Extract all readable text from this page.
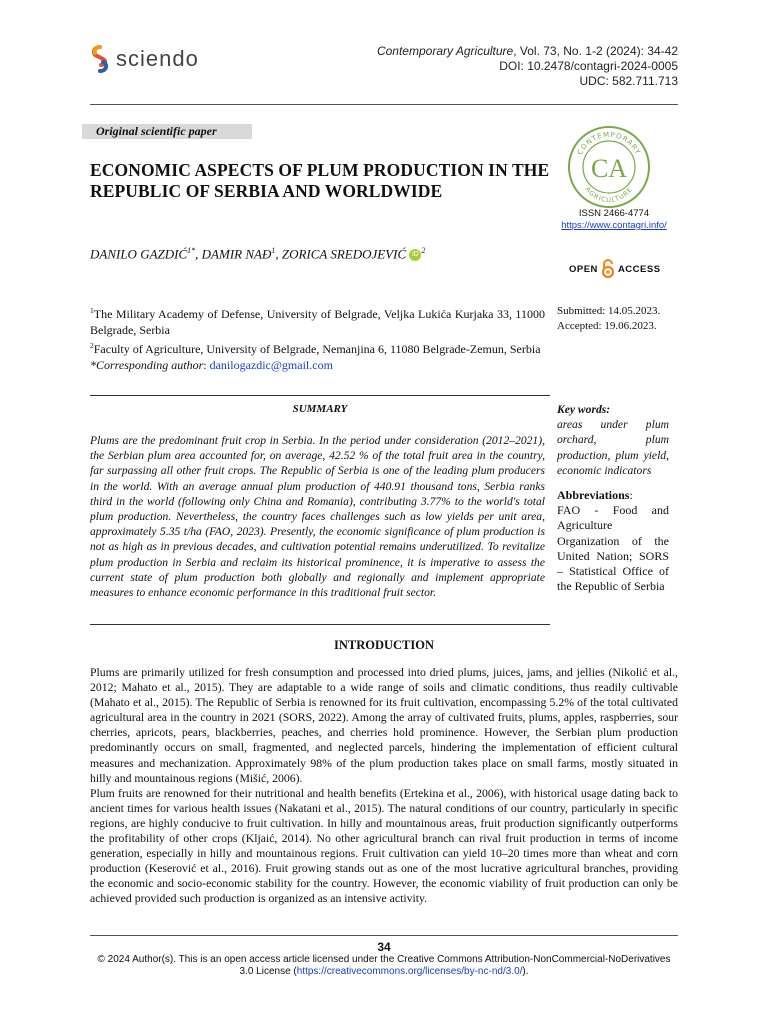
sciendo	Contemporary Agriculture, Vol. 73, No. 1-2 (2024): 34-42
DOI: 10.2478/contagri-2024-0005
UDC: 582.711.713
Original scientific paper
ECONOMIC ASPECTS OF PLUM PRODUCTION IN THE REPUBLIC OF SERBIA AND WORLDWIDE
CONTEMPORARY
AGRICULTURE
CA
ISSN 2466-4774
https://www.contagri.info/
OPEN ACCESS
DANILO $GAZDIĆ^{1*}$, DAMIR NAĐ$^1$, ZORICA SREDOJEVIĆ iD $^2$
$^1$The Military Academy of Defense, University of Belgrade, Veljka Lukića Kurjaka 33, 11000 Belgrade, Serbia
$^2$Faculty of Agriculture, University of Belgrade, Nemanjina 6, 11080 Belgrade-Zemun, Serbia
*Corresponding author: danilogazdic@gmail.com
Submitted: 14.05.2023.
Accepted: 19.06.2023.
SUMMARY
Plums are the predominant fruit crop in Serbia. In the period under consideration (2012–2021), the Serbian plum area accounted for, on average, 42.52 % of the total fruit area in the country, far surpassing all other fruit crops. The Republic of Serbia is one of the leading plum producers in the world. With an average annual plum production of 440.91 thousand tons, Serbia ranks third in the world (following only China and Romania), contributing 3.77% to the world's total plum production. Nevertheless, the country faces challenges such as low yields per unit area, approximately 5.35 t/ha (FAO, 2023). Presently, the economic significance of plum production is not as high as in previous decades, and cultivation potential remains underutilized. To revitalize plum production in Serbia and reclaim its historical prominence, it is imperative to assess the current state of plum production both globally and regionally and implement appropriate measures to enhance economic performance in this traditional fruit sector.
Key words:
areas under plum orchard, plum production, plum yield, economic indicators
Abbreviations:
FAO - Food and Agriculture Organization of the United Nation; SORS – Statistical Office of the Republic of Serbia
INTRODUCTION

Plums are primarily utilized for fresh consumption and processed into dried plums, juices, jams, and jellies (Nikolić et al., 2012; Mahato et al., 2015). They are adaptable to a wide range of soils and climatic conditions, thus readily cultivable (Mahato et al., 2015). The Republic of Serbia is renowned for its fruit cultivation, encompassing 5.2% of the total cultivated agricultural area in the country in 2021 (SORS, 2022). Among the array of cultivated fruits, plums, apples, raspberries, sour cherries, apricots, pears, blackberries, peaches, and cherries hold prominence. However, the Serbian plum production predominantly occurs on small, fragmented, and neglected parcels, hindering the implementation of efficient cultural measures and mechanization. Approximately 98% of the plum production takes place on small farms, mostly situated in hilly and mountainous regions (Mišić, 2006).

Plum fruits are renowned for their nutritional and health benefits (Ertekina et al., 2006), with historical usage dating back to ancient times for various health issues (Nakatani et al., 2015). The natural conditions of our country, particularly in specific regions, are highly conducive to fruit cultivation. In hilly and mountainous areas, fruit production significantly outperforms the profitability of other crops (Kljaić, 2014). No other agricultural branch can rival fruit production in terms of income generation, especially in hilly and mountainous regions. Fruit cultivation can yield 10–20 times more than wheat and corn production (Keserović et al., 2016). Fruit growing stands out as one of the most lucrative agricultural branches, providing the economic and socio-economic stability for the country. However, the economic viability of fruit production can only be achieved provided such production is organized as an intensive activity.

34
© 2024 Author(s). This is an open access article licensed under the Creative Commons Attribution-NonCommercial-NoDerivatives 3.0 License (https://creativecommons.org/licenses/by-nc-nd/3.0/).
